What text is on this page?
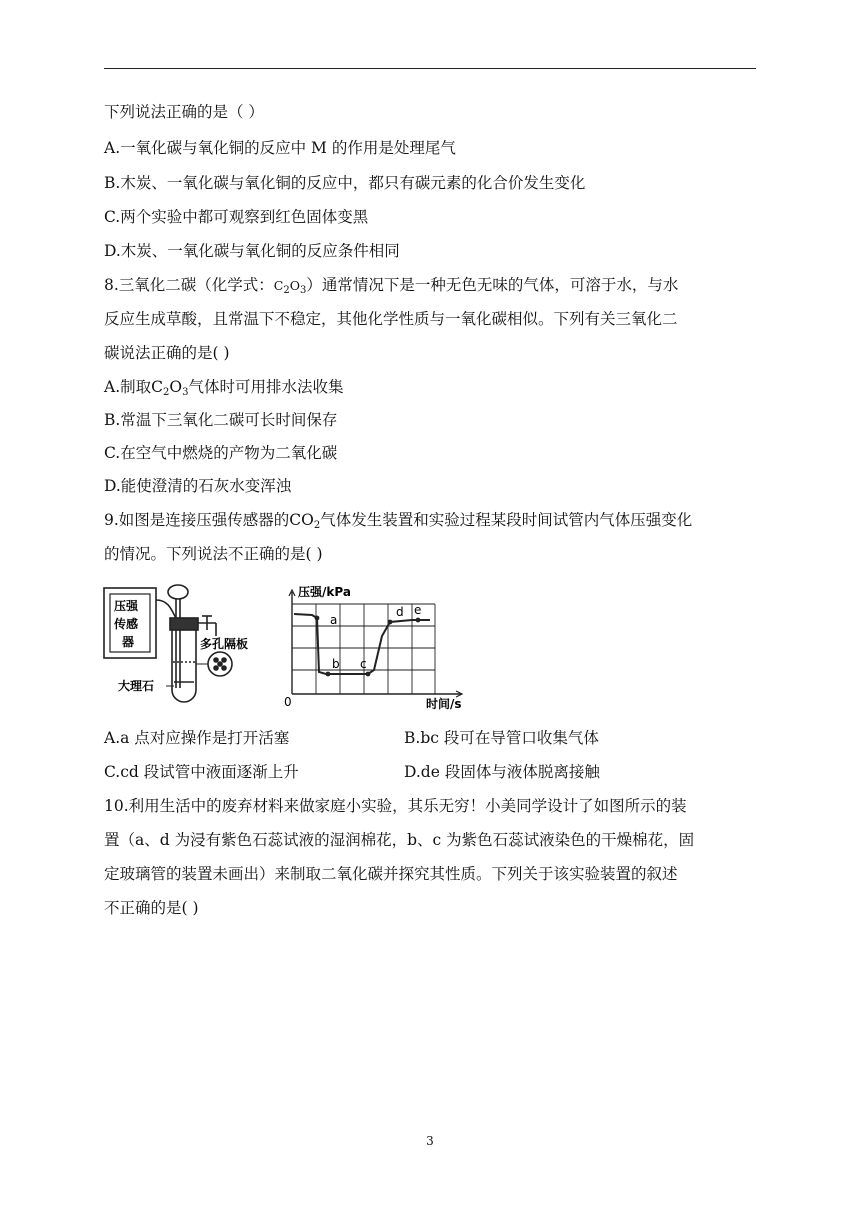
下列说法正确的是（ ）
A.一氧化碳与氧化铜的反应中 M 的作用是处理尾气
B.木炭、一氧化碳与氧化铜的反应中，都只有碳元素的化合价发生变化
C.两个实验中都可观察到红色固体变黑
D.木炭、一氧化碳与氧化铜的反应条件相同
8.三氧化二碳（化学式：$C_2O_3$）通常情况下是一种无色无味的气体，可溶于水，与水
反应生成草酸，且常温下不稳定，其他化学性质与一氧化碳相似。下列有关三氧化二
碳说法正确的是( )
A.制取$C_2O_3$气体时可用排水法收集
B.常温下三氧化二碳可长时间保存
C.在空气中燃烧的产物为二氧化碳
D.能使澄清的石灰水变浑浊
9.如图是连接压强传感器的$CO_2$气体发生装置和实验过程某段时间试管内气体压强变化
的情况。下列说法不正确的是( )
压强
传感
器	多孔隔板
大理石
压强/kPa
时间/s
0
a
b c
d e
A.a 点对应操作是打开活塞	B.bc 段可在导管口收集气体
C.cd 段试管中液面逐渐上升	D.de 段固体与液体脱离接触
10.利用生活中的废弃材料来做家庭小实验，其乐无穷！小美同学设计了如图所示的装
置（a、d 为浸有紫色石蕊试液的湿润棉花，b、c 为紫色石蕊试液染色的干燥棉花，固
定玻璃管的装置未画出）来制取二氧化碳并探究其性质。下列关于该实验装置的叙述
不正确的是( )
3
